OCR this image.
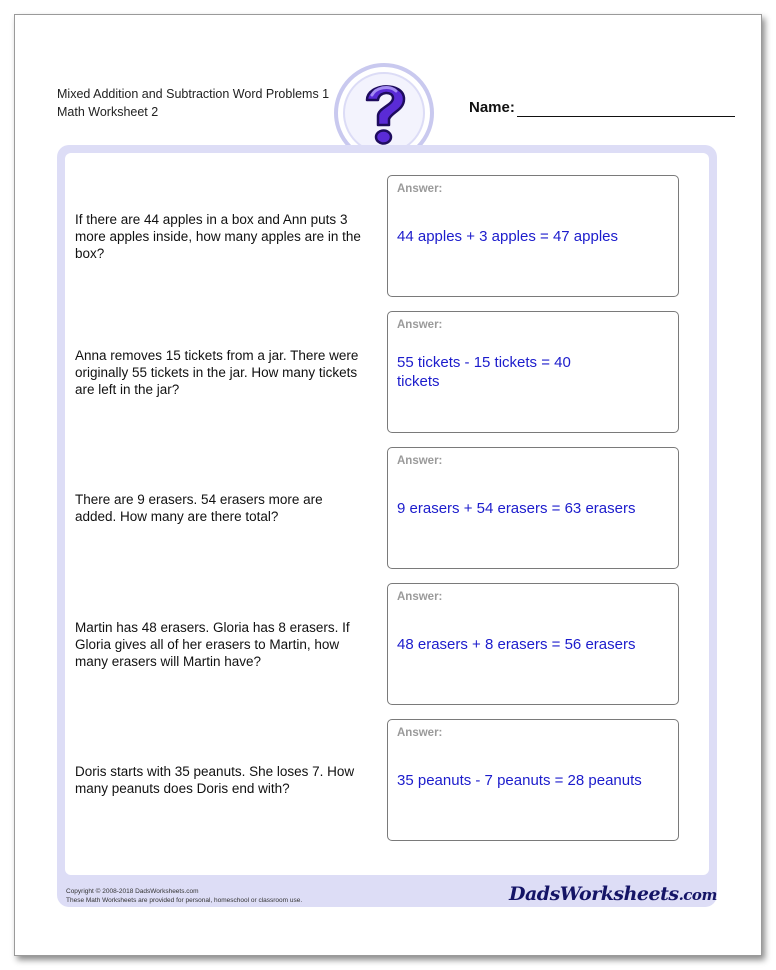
Mixed Addition and Subtraction Word Problems 1
Math Worksheet 2	Name:
If there are 44 apples in a box and Ann puts 3 more apples inside, how many apples are in the box?
Answer:
44 apples + 3 apples = 47 apples
Anna removes 15 tickets from a jar. There were originally 55 tickets in the jar. How many tickets are left in the jar?
Answer:
55 tickets - 15 tickets = 40 tickets
There are 9 erasers. 54 erasers more are added. How many are there total?
Answer:
9 erasers + 54 erasers = 63 erasers
Martin has 48 erasers. Gloria has 8 erasers. If Gloria gives all of her erasers to Martin, how many erasers will Martin have?
Answer:
48 erasers + 8 erasers = 56 erasers
Doris starts with 35 peanuts. She loses 7. How many peanuts does Doris end with?
Answer:
35 peanuts - 7 peanuts = 28 peanuts
Copyright © 2008-2018 DadsWorksheets.com
These Math Worksheets are provided for personal, homeschool or classroom use.	DadsWorksheets.com
